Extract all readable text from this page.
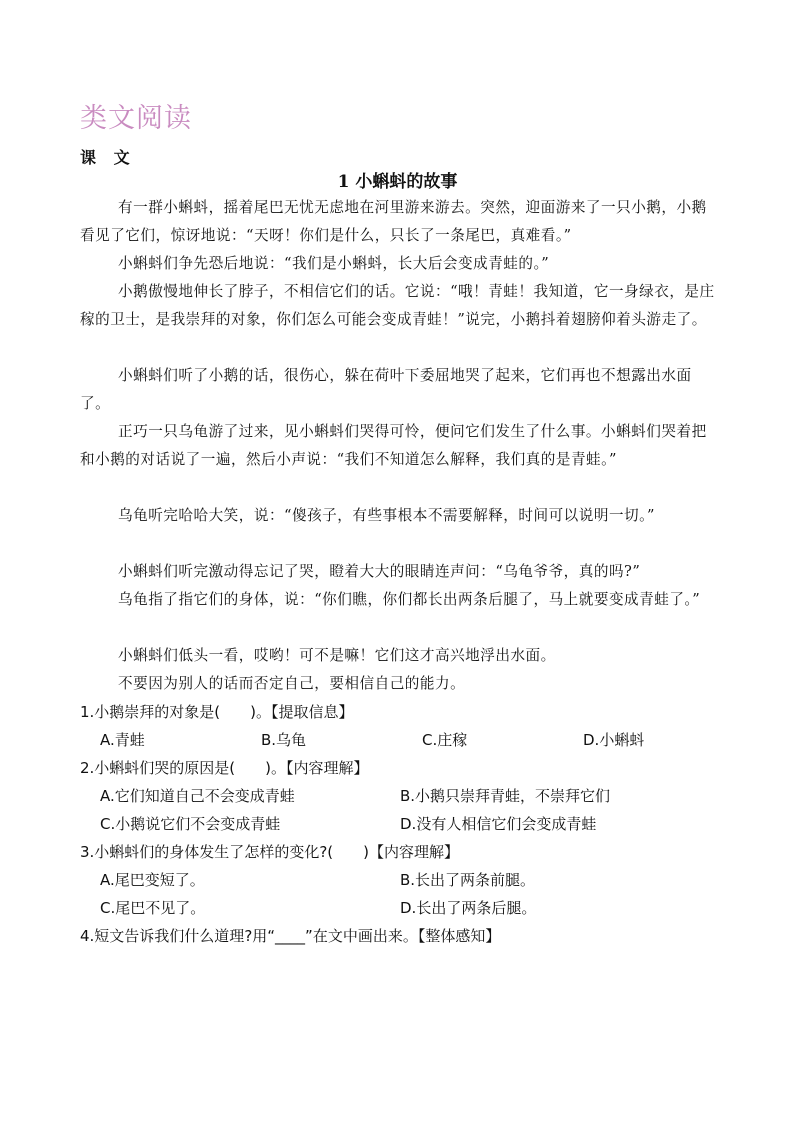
类文阅读
课 文
1 小蝌蚪的故事
有一群小蝌蚪，摇着尾巴无忧无虑地在河里游来游去。突然，迎面游来了一只小鹅，小鹅看见了它们，惊讶地说：“天呀！你们是什么，只长了一条尾巴，真难看。”
小蝌蚪们争先恐后地说：“我们是小蝌蚪，长大后会变成青蛙的。”
小鹅傲慢地伸长了脖子，不相信它们的话。它说：“哦！青蛙！我知道，它一身绿衣，是庄稼的卫士，是我崇拜的对象，你们怎么可能会变成青蛙！”说完，小鹅抖着翅膀仰着头游走了。
小蝌蚪们听了小鹅的话，很伤心，躲在荷叶下委屈地哭了起来，它们再也不想露出水面了。
正巧一只乌龟游了过来，见小蝌蚪们哭得可怜，便问它们发生了什么事。小蝌蚪们哭着把和小鹅的对话说了一遍，然后小声说：“我们不知道怎么解释，我们真的是青蛙。”
乌龟听完哈哈大笑，说：“傻孩子，有些事根本不需要解释，时间可以说明一切。”
小蝌蚪们听完激动得忘记了哭，瞪着大大的眼睛连声问：“乌龟爷爷，真的吗?”
乌龟指了指它们的身体，说：“你们瞧，你们都长出两条后腿了，马上就要变成青蛙了。”
小蝌蚪们低头一看，哎哟！可不是嘛！它们这才高兴地浮出水面。
不要因为别人的话而否定自己，要相信自己的能力。
1.小鹅崇拜的对象是(　　)。【提取信息】
A.青蛙	B.乌龟	C.庄稼	D.小蝌蚪
2.小蝌蚪们哭的原因是(　　)。【内容理解】
A.它们知道自己不会变成青蛙	B.小鹅只崇拜青蛙，不崇拜它们
C.小鹅说它们不会变成青蛙	D.没有人相信它们会变成青蛙
3.小蝌蚪们的身体发生了怎样的变化?(　　)【内容理解】
A.尾巴变短了。	B.长出了两条前腿。
C.尾巴不见了。	D.长出了两条后腿。
4.短文告诉我们什么道理?用“____”在文中画出来。【整体感知】
